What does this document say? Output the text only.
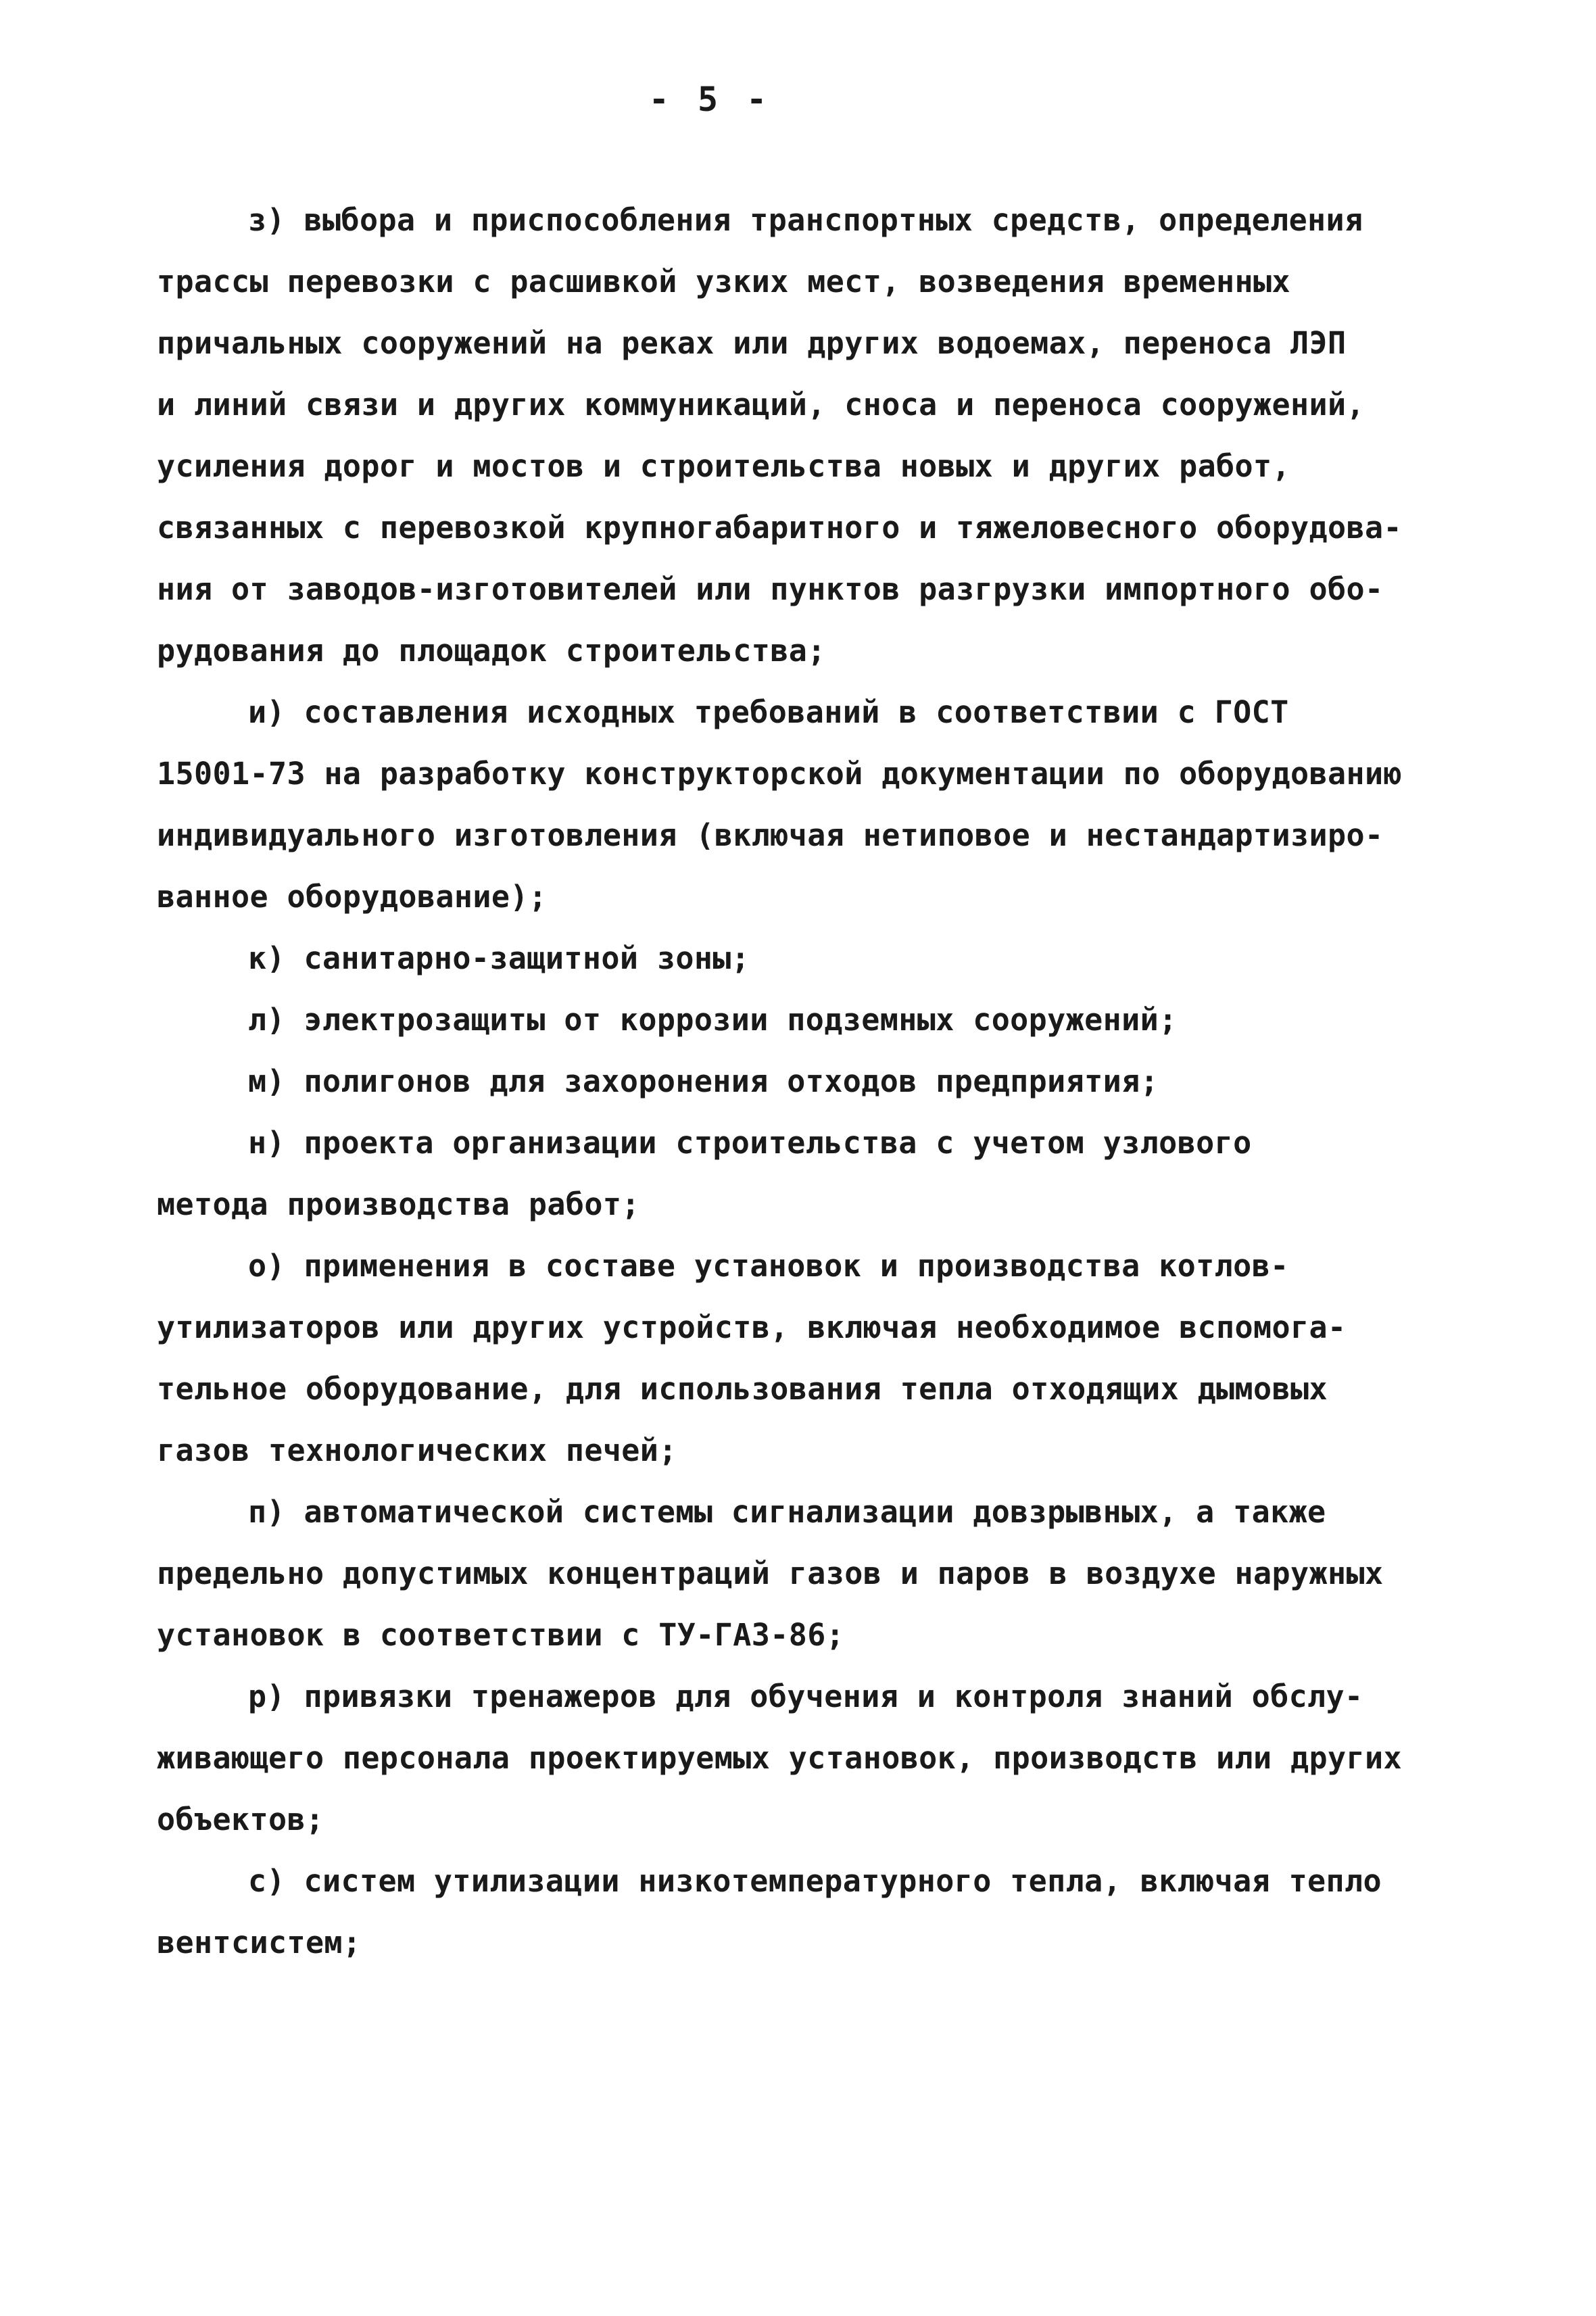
- 5 -
з) выбора и приспособления транспортных средств, определения
трассы перевозки с расшивкой узких мест, возведения временных
причальных сооружений на реках или других водоемах, переноса ЛЭП
и линий связи и других коммуникаций, сноса и переноса сооружений,
усиления дорог и мостов и строительства новых и других работ,
связанных с перевозкой крупногабаритного и тяжеловесного оборудова-
ния от заводов-изготовителей или пунктов разгрузки импортного обо-
рудования до площадок строительства;
и) составления исходных требований в соответствии с ГОСТ
15001-73 на разработку конструкторской документации по оборудованию
индивидуального изготовления (включая нетиповое и нестандартизиро-
ванное оборудование);
к) санитарно-защитной зоны;
л) электрозащиты от коррозии подземных сооружений;
м) полигонов для захоронения отходов предприятия;
н) проекта организации строительства с учетом узлового
метода производства работ;
о) применения в составе установок и производства котлов-
утилизаторов или других устройств, включая необходимое вспомога-
тельное оборудование, для использования тепла отходящих дымовых
газов технологических печей;
п) автоматической системы сигнализации довзрывных, а также
предельно допустимых концентраций газов и паров в воздухе наружных
установок в соответствии с ТУ-ГАЗ-86;
р) привязки тренажеров для обучения и контроля знаний обслу-
живающего персонала проектируемых установок, производств или других
объектов;
с) систем утилизации низкотемпературного тепла, включая тепло
вентсистем;
